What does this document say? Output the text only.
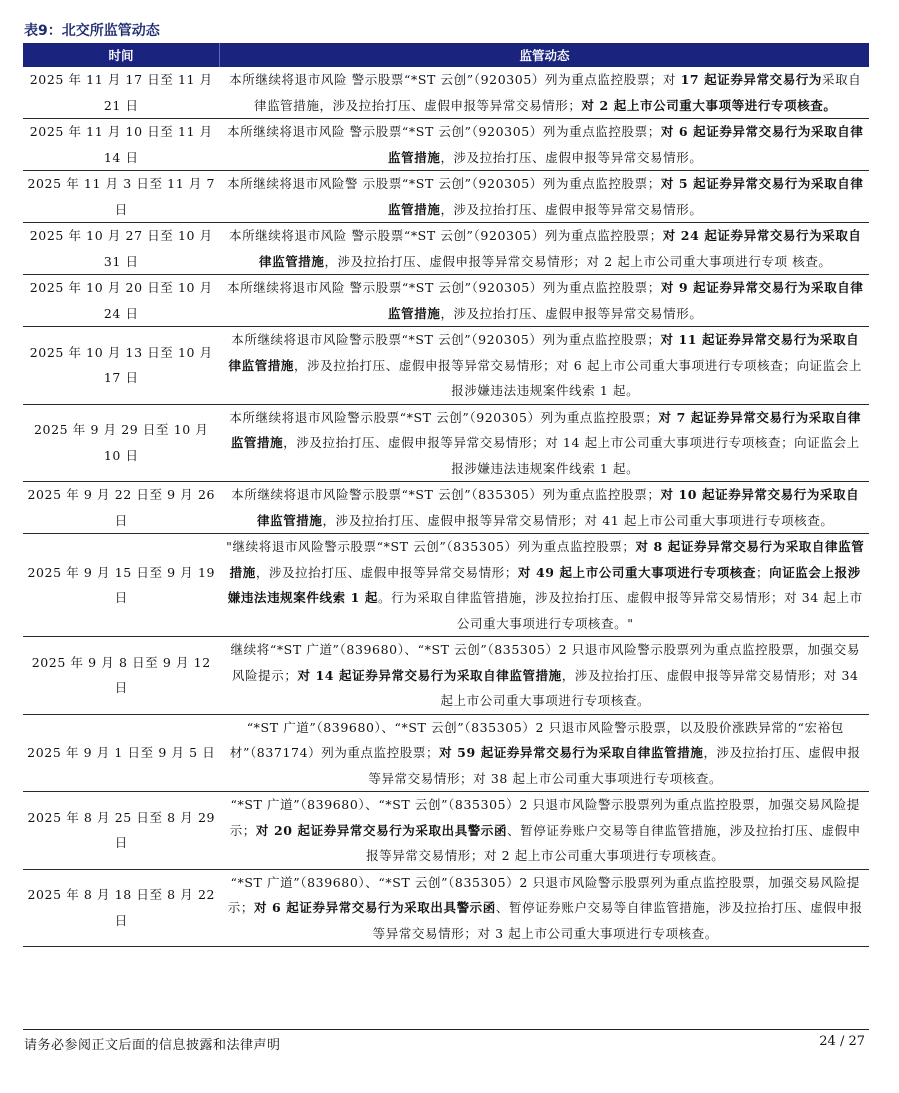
表9：北交所监管动态
时间	监管动态
2025 年 11 月 17 日至 11 月 21 日	本所继续将退市风险 警示股票“*ST 云创”（920305）列为重点监控股票；对 17 起证券异常交易行为采取自律监管措施，涉及拉抬打压、虚假申报等异常交易情形；对 2 起上市公司重大事项等进行专项核查。
2025 年 11 月 10 日至 11 月 14 日	本所继续将退市风险 警示股票“*ST 云创”（920305）列为重点监控股票；对 6 起证券异常交易行为采取自律监管措施，涉及拉抬打压、虚假申报等异常交易情形。
2025 年 11 月 3 日至 11 月 7 日	本所继续将退市风险警 示股票“*ST 云创”（920305）列为重点监控股票；对 5 起证券异常交易行为采取自律监管措施，涉及拉抬打压、虚假申报等异常交易情形。
2025 年 10 月 27 日至 10 月 31 日	本所继续将退市风险 警示股票“*ST 云创”（920305）列为重点监控股票；对 24 起证券异常交易行为采取自律监管措施，涉及拉抬打压、虚假申报等异常交易情形；对 2 起上市公司重大事项进行专项 核查。
2025 年 10 月 20 日至 10 月 24 日	本所继续将退市风险 警示股票“*ST 云创”（920305）列为重点监控股票；对 9 起证券异常交易行为采取自律监管措施，涉及拉抬打压、虚假申报等异常交易情形。
2025 年 10 月 13 日至 10 月 17 日	本所继续将退市风险警示股票“*ST 云创”（920305）列为重点监控股票；对 11 起证券异常交易行为采取自律监管措施，涉及拉抬打压、虚假申报等异常交易情形；对 6 起上市公司重大事项进行专项核查；向证监会上报涉嫌违法违规案件线索 1 起。
2025 年 9 月 29 日至 10 月 10 日	本所继续将退市风险警示股票“*ST 云创”（920305）列为重点监控股票；对 7 起证券异常交易行为采取自律监管措施，涉及拉抬打压、虚假申报等异常交易情形；对 14 起上市公司重大事项进行专项核查；向证监会上报涉嫌违法违规案件线索 1 起。
2025 年 9 月 22 日至 9 月 26 日	本所继续将退市风险警示股票“*ST 云创”（835305）列为重点监控股票；对 10 起证券异常交易行为采取自律监管措施，涉及拉抬打压、虚假申报等异常交易情形；对 41 起上市公司重大事项进行专项核查。
2025 年 9 月 15 日至 9 月 19 日	"继续将退市风险警示股票“*ST 云创”（835305）列为重点监控股票；对 8 起证券异常交易行为采取自律监管措施，涉及拉抬打压、虚假申报等异常交易情形；对 49 起上市公司重大事项进行专项核查；向证监会上报涉嫌违法违规案件线索 1 起。行为采取自律监管措施，涉及拉抬打压、虚假申报等异常交易情形；对 34 起上市公司重大事项进行专项核查。"
2025 年 9 月 8 日至 9 月 12 日	继续将“*ST 广道”（839680）、“*ST 云创”（835305）2 只退市风险警示股票列为重点监控股票，加强交易风险提示；对 14 起证券异常交易行为采取自律监管措施，涉及拉抬打压、虚假申报等异常交易情形；对 34 起上市公司重大事项进行专项核查。
2025 年 9 月 1 日至 9 月 5 日	“*ST 广道”（839680）、“*ST 云创”（835305）2 只退市风险警示股票，以及股价涨跌异常的“宏裕包材”（837174）列为重点监控股票；对 59 起证券异常交易行为采取自律监管措施，涉及拉抬打压、虚假申报等异常交易情形；对 38 起上市公司重大事项进行专项核查。
2025 年 8 月 25 日至 8 月 29 日	“*ST 广道”（839680）、“*ST 云创”（835305）2 只退市风险警示股票列为重点监控股票，加强交易风险提示；对 20 起证券异常交易行为采取出具警示函、暂停证券账户交易等自律监管措施，涉及拉抬打压、虚假申报等异常交易情形；对 2 起上市公司重大事项进行专项核查。
2025 年 8 月 18 日至 8 月 22 日	“*ST 广道”（839680）、“*ST 云创”（835305）2 只退市风险警示股票列为重点监控股票，加强交易风险提示；对 6 起证券异常交易行为采取出具警示函、暂停证券账户交易等自律监管措施，涉及拉抬打压、虚假申报等异常交易情形；对 3 起上市公司重大事项进行专项核查。
请务必参阅正文后面的信息披露和法律声明	24 / 27
